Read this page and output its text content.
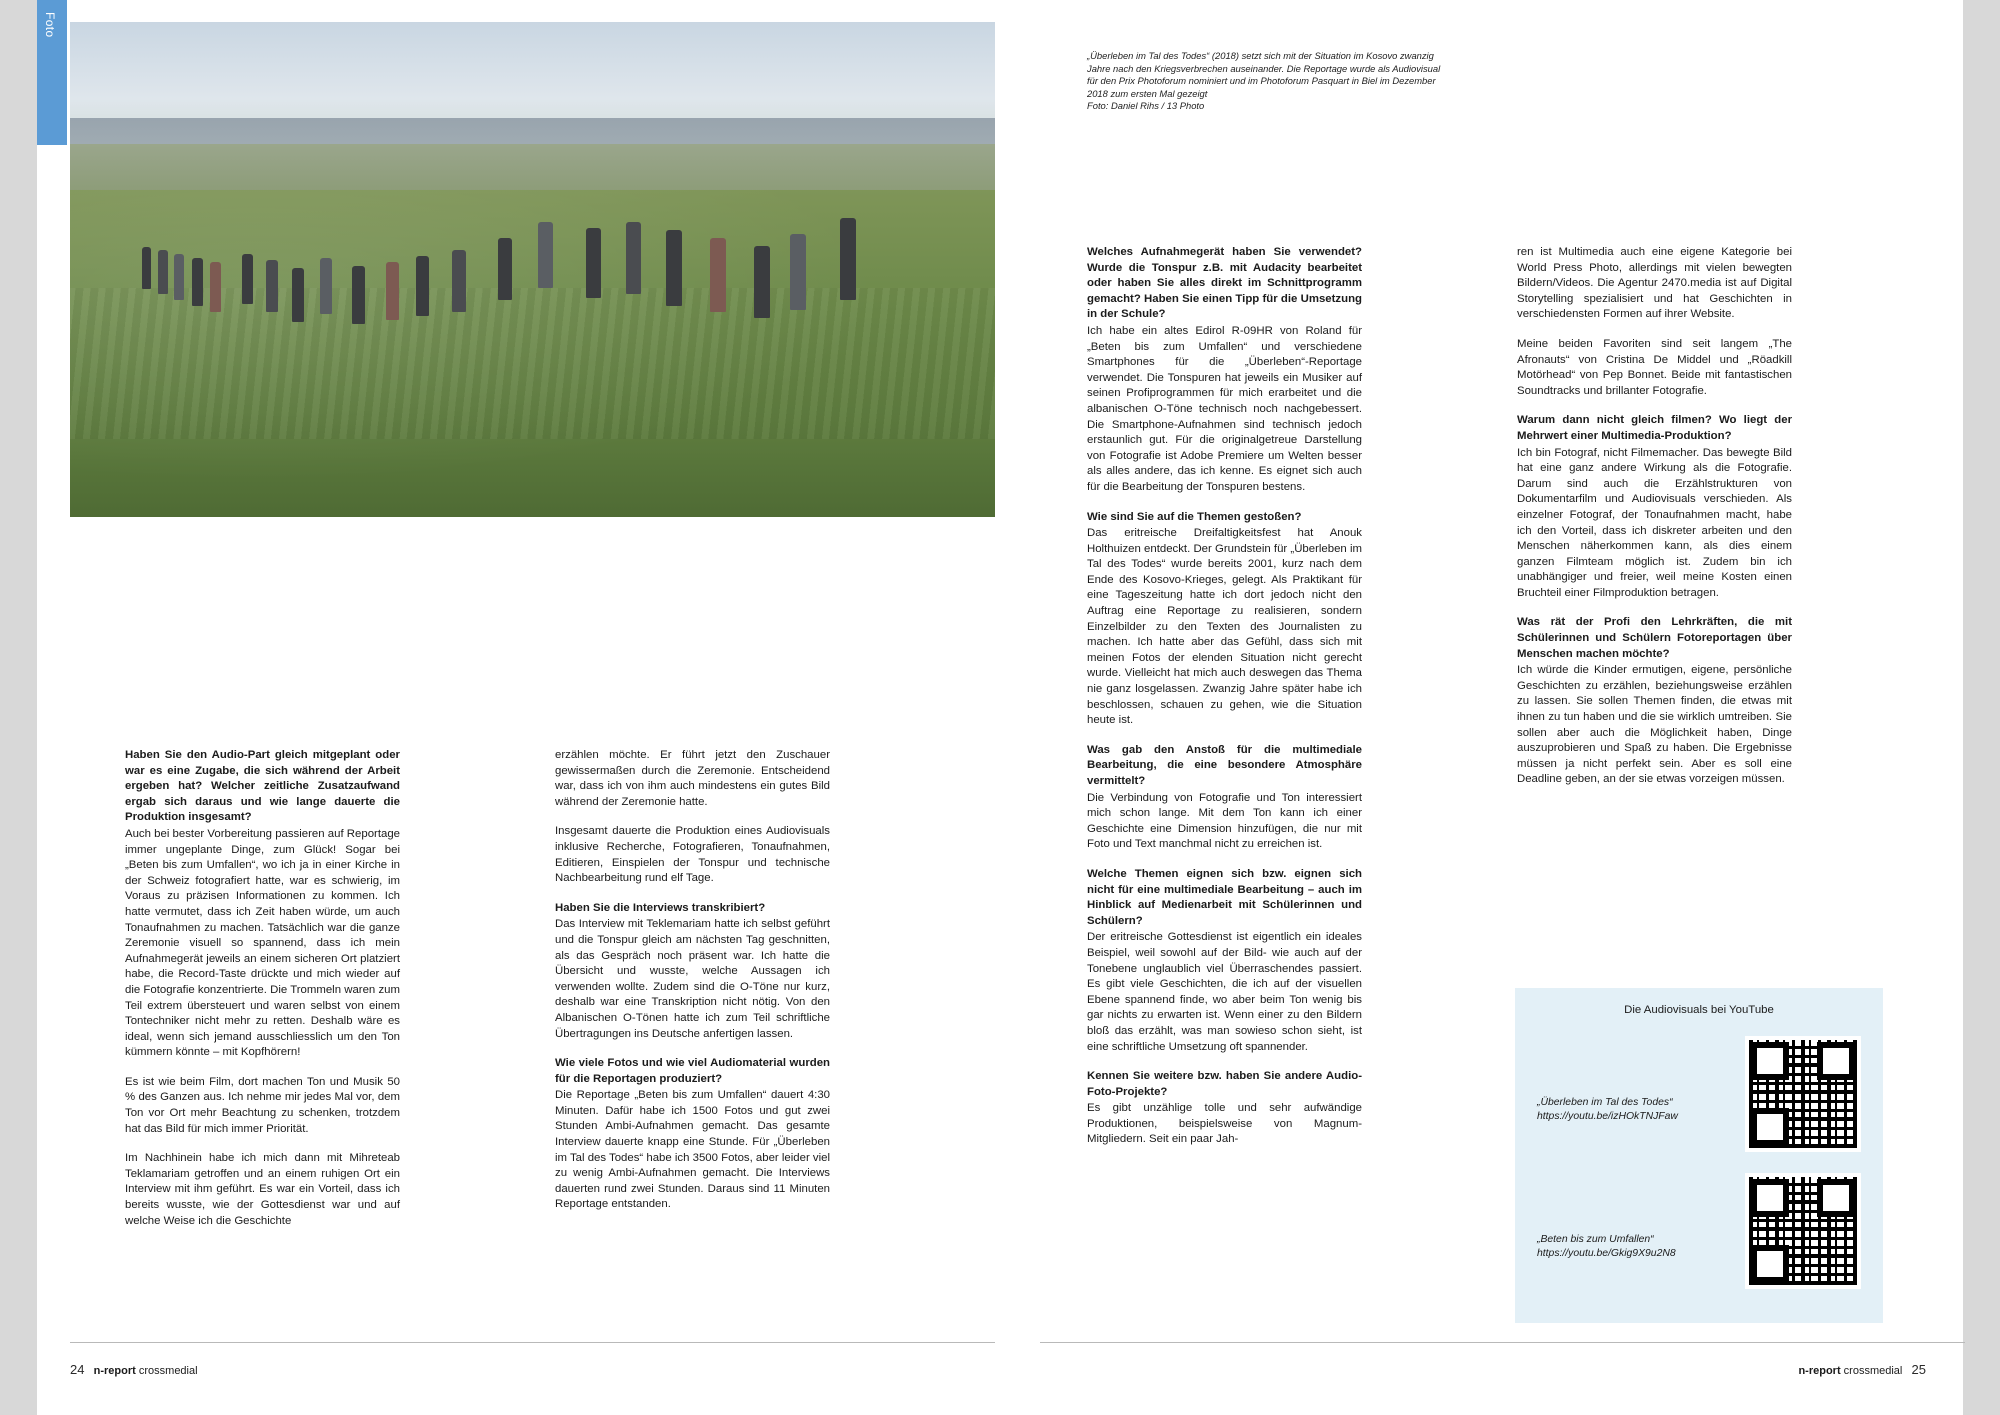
Foto

Haben Sie den Audio-Part gleich mitgeplant oder war es eine Zugabe, die sich während der Arbeit ergeben hat? Welcher zeitliche Zusatzaufwand ergab sich daraus und wie lange dauerte die Produktion insgesamt?

Auch bei bester Vorbereitung passieren auf Reportage immer ungeplante Dinge, zum Glück! Sogar bei „Beten bis zum Umfallen“, wo ich ja in einer Kirche in der Schweiz fotografiert hatte, war es schwierig, im Voraus zu präzisen Informationen zu kommen. Ich hatte vermutet, dass ich Zeit haben würde, um auch Tonaufnahmen zu machen. Tatsächlich war die ganze Zeremonie visuell so spannend, dass ich mein Aufnahmegerät jeweils an einem sicheren Ort platziert habe, die Record-Taste drückte und mich wieder auf die Fotografie konzentrierte. Die Trommeln waren zum Teil extrem übersteuert und waren selbst von einem Tontechniker nicht mehr zu retten. Deshalb wäre es ideal, wenn sich jemand ausschliesslich um den Ton kümmern könnte – mit Kopfhörern!

Es ist wie beim Film, dort machen Ton und Musik 50 % des Ganzen aus. Ich nehme mir jedes Mal vor, dem Ton vor Ort mehr Beachtung zu schenken, trotzdem hat das Bild für mich immer Priorität.

Im Nachhinein habe ich mich dann mit Mihreteab Teklamariam getroffen und an einem ruhigen Ort ein Interview mit ihm geführt. Es war ein Vorteil, dass ich bereits wusste, wie der Gottesdienst war und auf welche Weise ich die Geschichte

erzählen möchte. Er führt jetzt den Zuschauer gewissermaßen durch die Zeremonie. Entscheidend war, dass ich von ihm auch mindestens ein gutes Bild während der Zeremonie hatte.

Insgesamt dauerte die Produktion eines Audiovisuals inklusive Recherche, Fotografieren, Tonaufnahmen, Editieren, Einspielen der Tonspur und technische Nachbearbeitung rund elf Tage.

Haben Sie die Interviews transkribiert?

Das Interview mit Teklemariam hatte ich selbst geführt und die Tonspur gleich am nächsten Tag geschnitten, als das Gespräch noch präsent war. Ich hatte die Übersicht und wusste, welche Aussagen ich verwenden wollte. Zudem sind die O-Töne nur kurz, deshalb war eine Transkription nicht nötig. Von den Albanischen O-Tönen hatte ich zum Teil schriftliche Übertragungen ins Deutsche anfertigen lassen.

Wie viele Fotos und wie viel Audiomaterial wurden für die Reportagen produziert?

Die Reportage „Beten bis zum Umfallen“ dauert 4:30 Minuten. Dafür habe ich 1500 Fotos und gut zwei Stunden Ambi-Aufnahmen gemacht. Das gesamte Interview dauerte knapp eine Stunde. Für „Überleben im Tal des Todes“ habe ich 3500 Fotos, aber leider viel zu wenig Ambi-Aufnahmen gemacht. Die Interviews dauerten rund zwei Stunden. Daraus sind 11 Minuten Reportage entstanden.

24 n-report crossmedial
„Überleben im Tal des Todes“ (2018) setzt sich mit der Situation im Kosovo zwanzig Jahre nach den Kriegsverbrechen auseinander. Die Reportage wurde als Audiovisual für den Prix Photoforum nominiert und im Photoforum Pasquart in Biel im Dezember 2018 zum ersten Mal gezeigt
Foto: Daniel Rihs / 13 Photo

Welches Aufnahmegerät haben Sie verwendet? Wurde die Tonspur z.B. mit Audacity bearbeitet oder haben Sie alles direkt im Schnittprogramm gemacht? Haben Sie einen Tipp für die Umsetzung in der Schule?

Ich habe ein altes Edirol R-09HR von Roland für „Beten bis zum Umfallen“ und verschiedene Smartphones für die „Überleben“-Reportage verwendet. Die Tonspuren hat jeweils ein Musiker auf seinen Profiprogrammen für mich erarbeitet und die albanischen O-Töne technisch noch nachgebessert. Die Smartphone-Aufnahmen sind technisch jedoch erstaunlich gut. Für die originalgetreue Darstellung von Fotografie ist Adobe Premiere um Welten besser als alles andere, das ich kenne. Es eignet sich auch für die Bearbeitung der Tonspuren bestens.

Wie sind Sie auf die Themen gestoßen?

Das eritreische Dreifaltigkeitsfest hat Anouk Holthuizen entdeckt. Der Grundstein für „Überleben im Tal des Todes“ wurde bereits 2001, kurz nach dem Ende des Kosovo-Krieges, gelegt. Als Praktikant für eine Tageszeitung hatte ich dort jedoch nicht den Auftrag eine Reportage zu realisieren, sondern Einzelbilder zu den Texten des Journalisten zu machen. Ich hatte aber das Gefühl, dass sich mit meinen Fotos der elenden Situation nicht gerecht wurde. Vielleicht hat mich auch deswegen das Thema nie ganz losgelassen. Zwanzig Jahre später habe ich beschlossen, schauen zu gehen, wie die Situation heute ist.

Was gab den Anstoß für die multimediale Bearbeitung, die eine besondere Atmosphäre vermittelt?

Die Verbindung von Fotografie und Ton interessiert mich schon lange. Mit dem Ton kann ich einer Geschichte eine Dimension hinzufügen, die nur mit Foto und Text manchmal nicht zu erreichen ist.

Welche Themen eignen sich bzw. eignen sich nicht für eine multimediale Bearbeitung – auch im Hinblick auf Medienarbeit mit Schülerinnen und Schülern?

Der eritreische Gottesdienst ist eigentlich ein ideales Beispiel, weil sowohl auf der Bild- wie auch auf der Tonebene unglaublich viel Überraschendes passiert. Es gibt viele Geschichten, die ich auf der visuellen Ebene spannend finde, wo aber beim Ton wenig bis gar nichts zu erwarten ist. Wenn einer zu den Bildern bloß das erzählt, was man sowieso schon sieht, ist eine schriftliche Umsetzung oft spannender.

Kennen Sie weitere bzw. haben Sie andere Audio-Foto-Projekte?

Es gibt unzählige tolle und sehr aufwändige Produktionen, beispielsweise von Magnum-Mitgliedern. Seit ein paar Jah-

ren ist Multimedia auch eine eigene Kategorie bei World Press Photo, allerdings mit vielen bewegten Bildern/Videos. Die Agentur 2470.media ist auf Digital Storytelling spezialisiert und hat Geschichten in verschiedensten Formen auf ihrer Website.

Meine beiden Favoriten sind seit langem „The Afronauts“ von Cristina De Middel und „Röadkill Motörhead“ von Pep Bonnet. Beide mit fantastischen Soundtracks und brillanter Fotografie.

Warum dann nicht gleich filmen? Wo liegt der Mehrwert einer Multimedia-Produktion?

Ich bin Fotograf, nicht Filmemacher. Das bewegte Bild hat eine ganz andere Wirkung als die Fotografie. Darum sind auch die Erzählstrukturen von Dokumentarfilm und Audiovisuals verschieden. Als einzelner Fotograf, der Tonaufnahmen macht, habe ich den Vorteil, dass ich diskreter arbeiten und den Menschen näherkommen kann, als dies einem ganzen Filmteam möglich ist. Zudem bin ich unabhängiger und freier, weil meine Kosten einen Bruchteil einer Filmproduktion betragen.

Was rät der Profi den Lehrkräften, die mit Schülerinnen und Schülern Fotoreportagen über Menschen machen möchte?

Ich würde die Kinder ermutigen, eigene, persönliche Geschichten zu erzählen, beziehungsweise erzählen zu lassen. Sie sollen Themen finden, die etwas mit ihnen zu tun haben und die sie wirklich umtreiben. Sie sollen aber auch die Möglichkeit haben, Dinge auszuprobieren und Spaß zu haben. Die Ergebnisse müssen ja nicht perfekt sein. Aber es soll eine Deadline geben, an der sie etwas vorzeigen müssen.

n-report crossmedial 25
Die Audiovisuals bei YouTube
„Überleben im Tal des Todes“
https://youtu.be/izHOkTNJFaw
„Beten bis zum Umfallen“
https://youtu.be/Gkig9X9u2N8
